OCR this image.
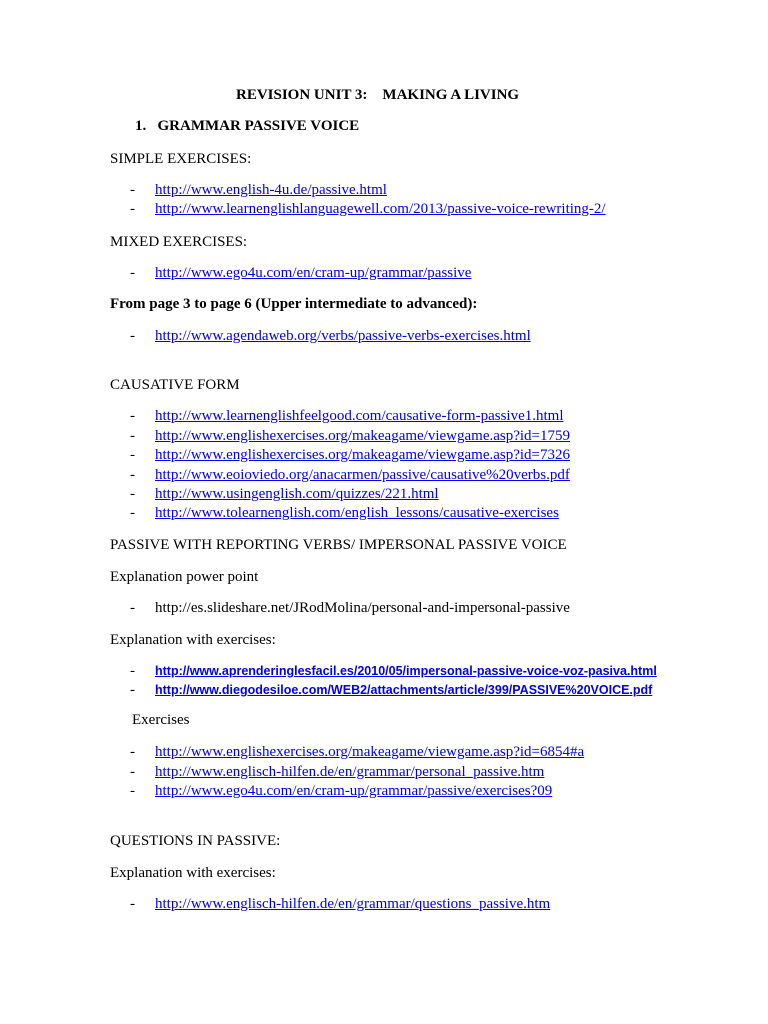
REVISION UNIT 3:    MAKING A LIVING
1.   GRAMMAR PASSIVE VOICE
SIMPLE EXERCISES:
- http://www.english-4u.de/passive.html
- http://www.learnenglishlanguagewell.com/2013/passive-voice-rewriting-2/
MIXED EXERCISES:
- http://www.ego4u.com/en/cram-up/grammar/passive
From page 3 to page 6 (Upper intermediate to advanced):
- http://www.agendaweb.org/verbs/passive-verbs-exercises.html
CAUSATIVE FORM
- http://www.learnenglishfeelgood.com/causative-form-passive1.html
- http://www.englishexercises.org/makeagame/viewgame.asp?id=1759
- http://www.englishexercises.org/makeagame/viewgame.asp?id=7326
- http://www.eoioviedo.org/anacarmen/passive/causative%20verbs.pdf
- http://www.usingenglish.com/quizzes/221.html
- http://www.tolearnenglish.com/english_lessons/causative-exercises
PASSIVE WITH REPORTING VERBS/ IMPERSONAL PASSIVE VOICE
Explanation power point
- http://es.slideshare.net/JRodMolina/personal-and-impersonal-passive
Explanation with exercises:
- http://www.aprenderinglesfacil.es/2010/05/impersonal-passive-voice-voz-pasiva.html
- http://www.diegodesiloe.com/WEB2/attachments/article/399/PASSIVE%20VOICE.pdf
Exercises
- http://www.englishexercises.org/makeagame/viewgame.asp?id=6854#a
- http://www.englisch-hilfen.de/en/grammar/personal_passive.htm
- http://www.ego4u.com/en/cram-up/grammar/passive/exercises?09
QUESTIONS IN PASSIVE:
Explanation with exercises:
- http://www.englisch-hilfen.de/en/grammar/questions_passive.htm
